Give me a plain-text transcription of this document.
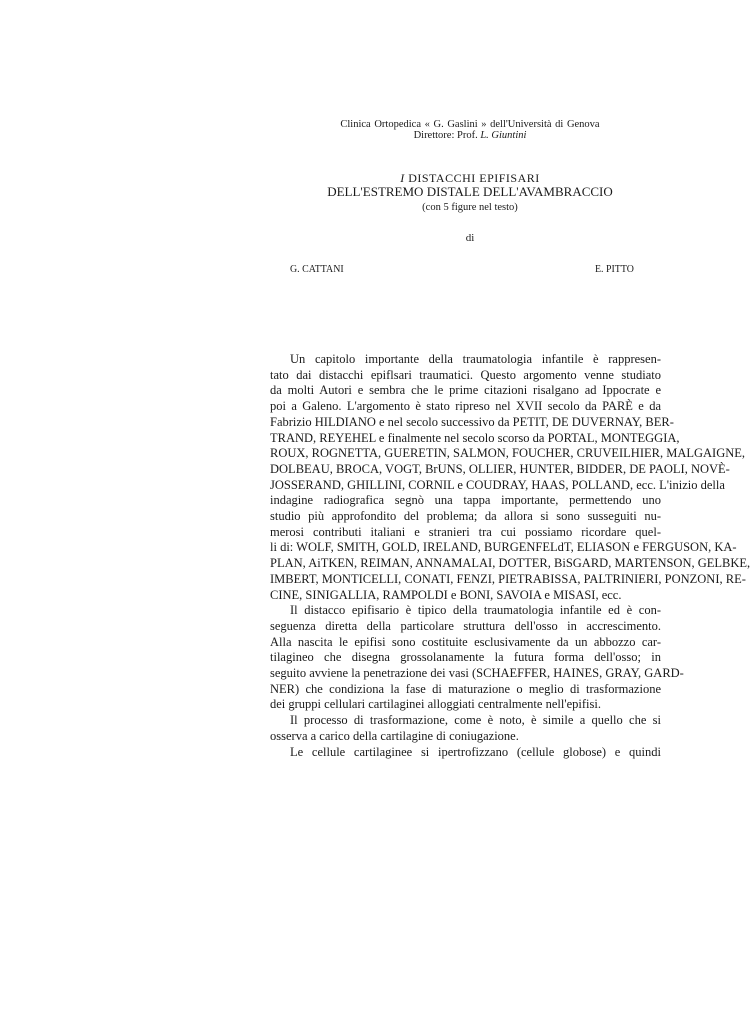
Clinica Ortopedica « G. Gaslini » dell'Università di Genova
Direttore: Prof. L. Giuntini
I DISTACCHI EPIFISARI
DELL'ESTREMO DISTALE DELL'AVAMBRACCIO
(con 5 figure nel testo)
di
G. CATTANI	E. PITTO

Un capitolo importante della traumatologia infantile è rappresen-
tato dai distacchi epiflsari traumatici. Questo argomento venne studiato
da molti Autori e sembra che le prime citazioni risalgano ad Ippocrate e
poi a Galeno. L'argomento è stato ripreso nel XVII secolo da PARÈ e da
Fabrizio HILDIANO e nel secolo successivo da PETIT, DE DUVERNAY, BER-
TRAND, REYEHEL e finalmente nel secolo scorso da PORTAL, MONTEGGIA,
ROUX, ROGNETTA, GUERETIN, SALMON, FOUCHER, CRUVEILHIER, MALGAIGNE,
DOLBEAU, BROCA, VOGT, BrUNS, OLLIER, HUNTER, BIDDER, DE PAOLI, NOVÈ-
JOSSERAND, GHILLINI, CORNIL e COUDRAY, HAAS, POLLAND, ecc. L'inizio della
indagine radiografica segnò una tappa importante, permettendo uno
studio più approfondito del problema; da allora si sono susseguiti nu-
merosi contributi italiani e stranieri tra cui possiamo ricordare quel-
li di: WOLF, SMITH, GOLD, IRELAND, BURGENFELdT, ELIASON e FERGUSON, KA-
PLAN, AiTKEN, REIMAN, ANNAMALAI, DOTTER, BiSGARD, MARTENSON, GELBKE,
IMBERT, MONTICELLI, CONATI, FENZI, PIETRABISSA, PALTRINIERI, PONZONI, RE-
CINE, SINIGALLIA, RAMPOLDI e BONI, SAVOIA e MISASI, ecc.

Il distacco epifisario è tipico della traumatologia infantile ed è con-
seguenza diretta della particolare struttura dell'osso in accrescimento.
Alla nascita le epifisi sono costituite esclusivamente da un abbozzo car-
tilagineo che disegna grossolanamente la futura forma dell'osso; in
seguito avviene la penetrazione dei vasi (SCHAEFFER, HAINES, GRAY, GARD-
NER) che condiziona la fase di maturazione o meglio di trasformazione
dei gruppi cellulari cartilaginei alloggiati centralmente nell'epifisi.

Il processo di trasformazione, come è noto, è simile a quello che si
osserva a carico della cartilagine di coniugazione.

Le cellule cartilaginee si ipertrofizzano (cellule globose) e quindi
